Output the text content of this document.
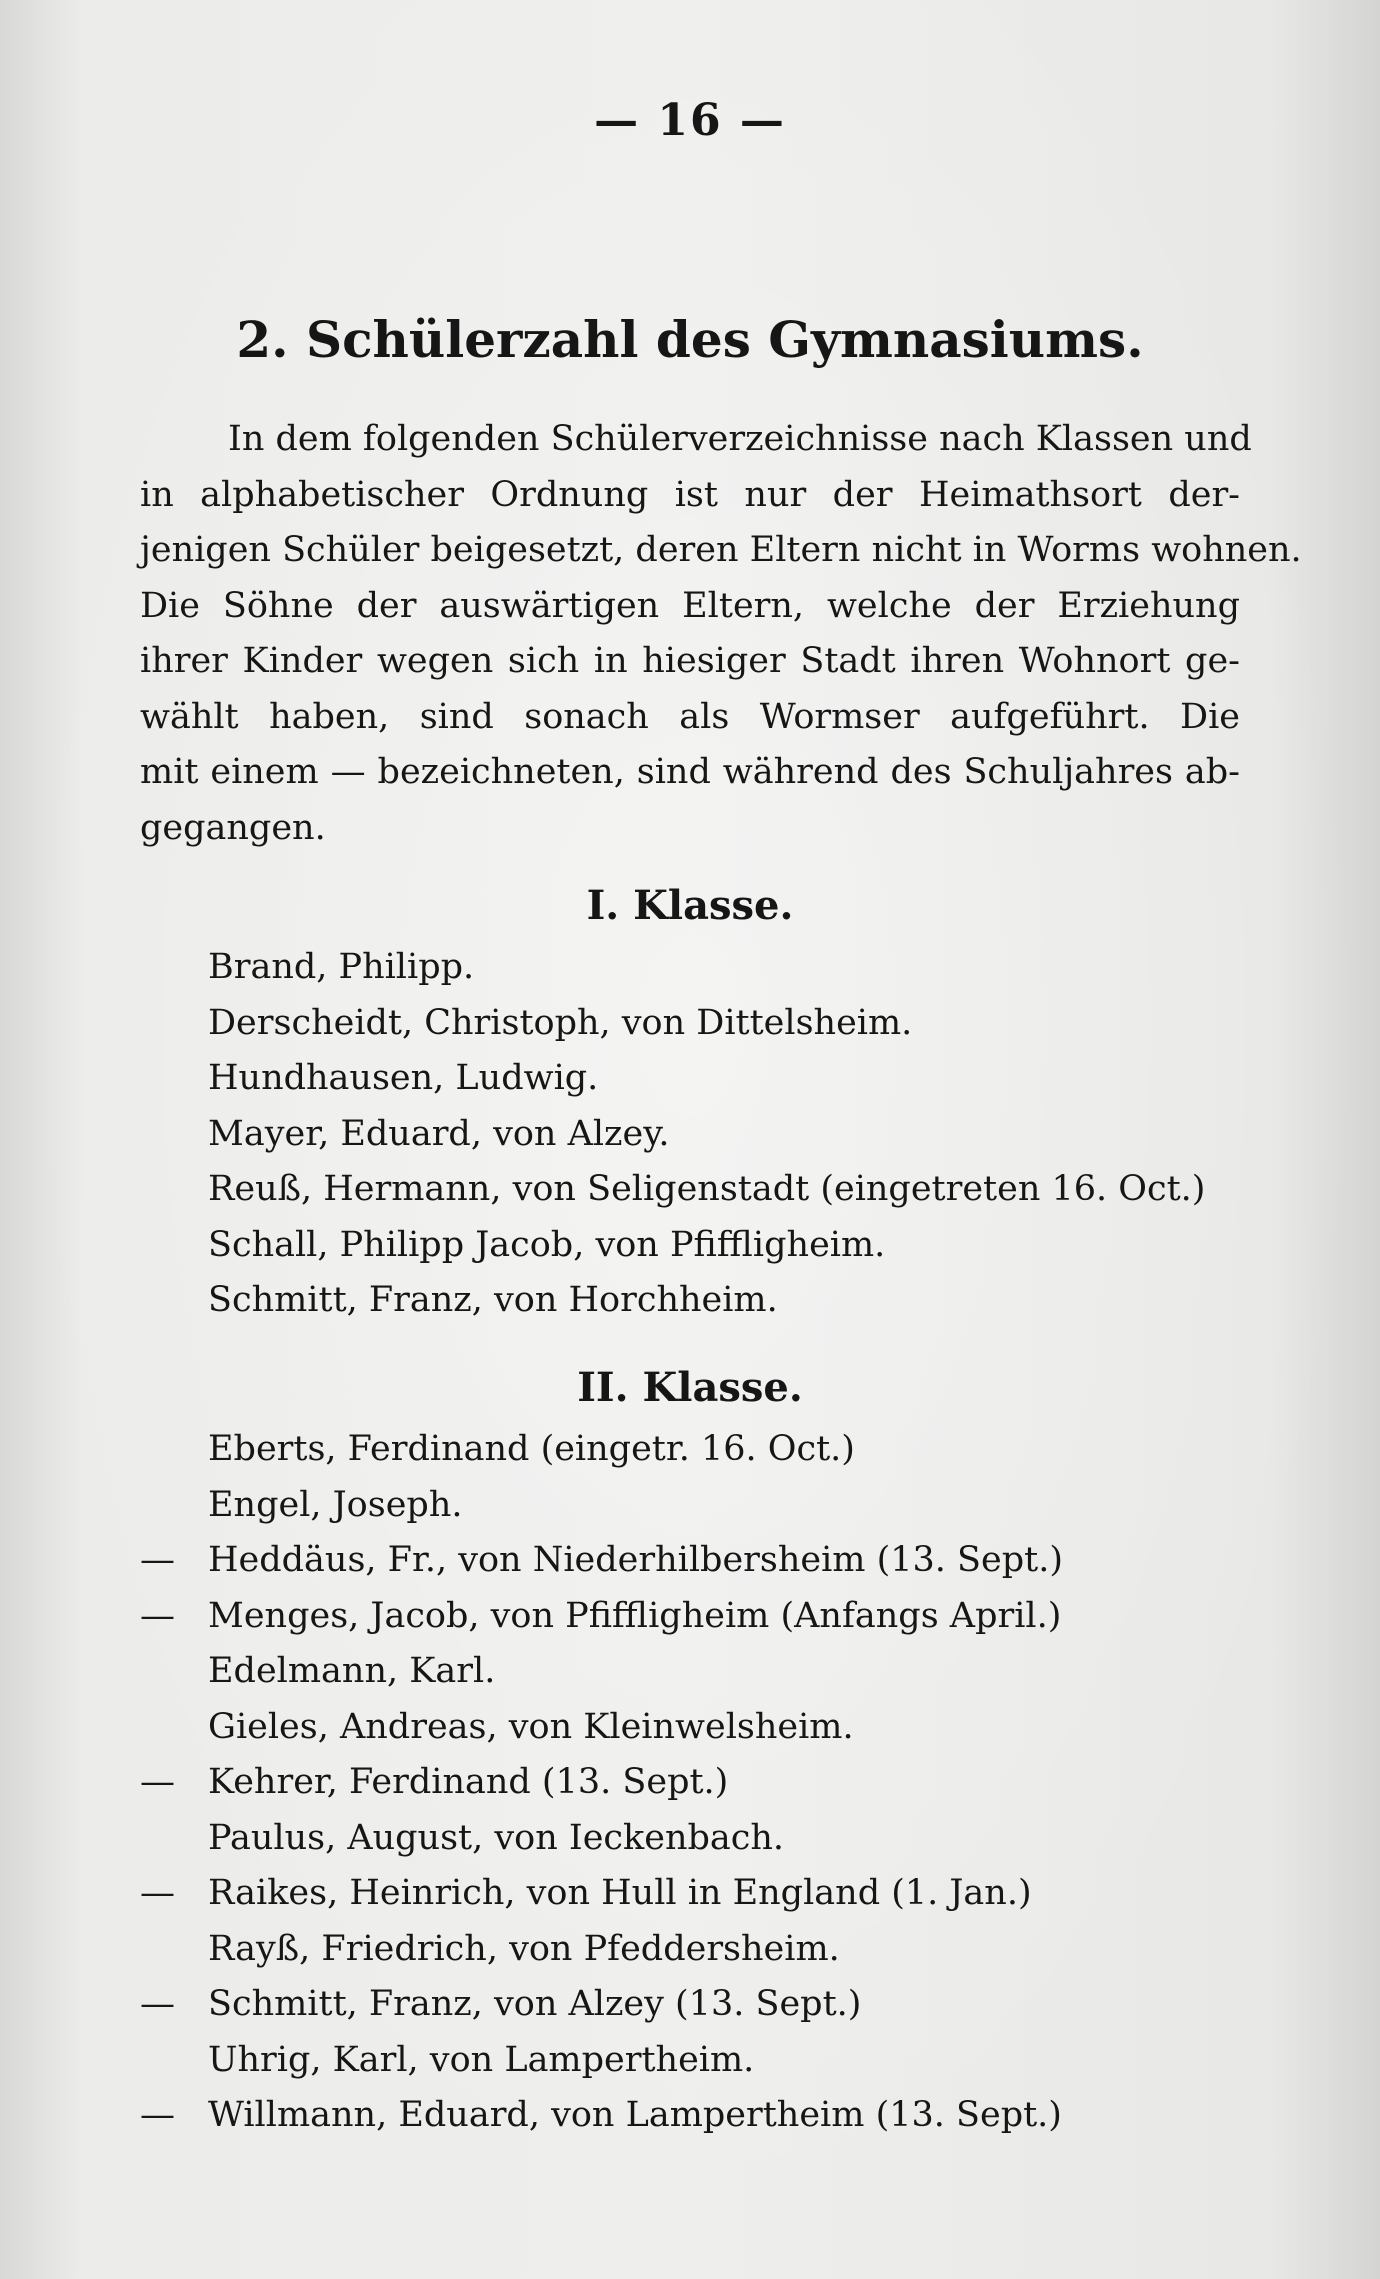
— 16 —
2. Schülerzahl des Gymnasiums.
In dem folgenden Schülerverzeichnisse nach Klassen und
in alphabetischer Ordnung ist nur der Heimathsort der-
jenigen Schüler beigesetzt, deren Eltern nicht in Worms wohnen.
Die Söhne der auswärtigen Eltern, welche der Erziehung
ihrer Kinder wegen sich in hiesiger Stadt ihren Wohnort ge-
wählt haben, sind sonach als Wormser aufgeführt. Die
mit einem — bezeichneten, sind während des Schuljahres ab-
gegangen.
I. Klasse.
Brand, Philipp.
Derscheidt, Christoph, von Dittelsheim.
Hundhausen, Ludwig.
Mayer, Eduard, von Alzey.
Reuß, Hermann, von Seligenstadt (eingetreten 16. Oct.)
Schall, Philipp Jacob, von Pfiffligheim.
Schmitt, Franz, von Horchheim.
II. Klasse.
Eberts, Ferdinand (eingetr. 16. Oct.)
Engel, Joseph.
— Heddäus, Fr., von Niederhilbersheim (13. Sept.)
— Menges, Jacob, von Pfiffligheim (Anfangs April.)
Edelmann, Karl.
Gieles, Andreas, von Kleinwelsheim.
— Kehrer, Ferdinand (13. Sept.)
Paulus, August, von Ieckenbach.
— Raikes, Heinrich, von Hull in England (1. Jan.)
Rayß, Friedrich, von Pfeddersheim.
— Schmitt, Franz, von Alzey (13. Sept.)
Uhrig, Karl, von Lampertheim.
— Willmann, Eduard, von Lampertheim (13. Sept.)
